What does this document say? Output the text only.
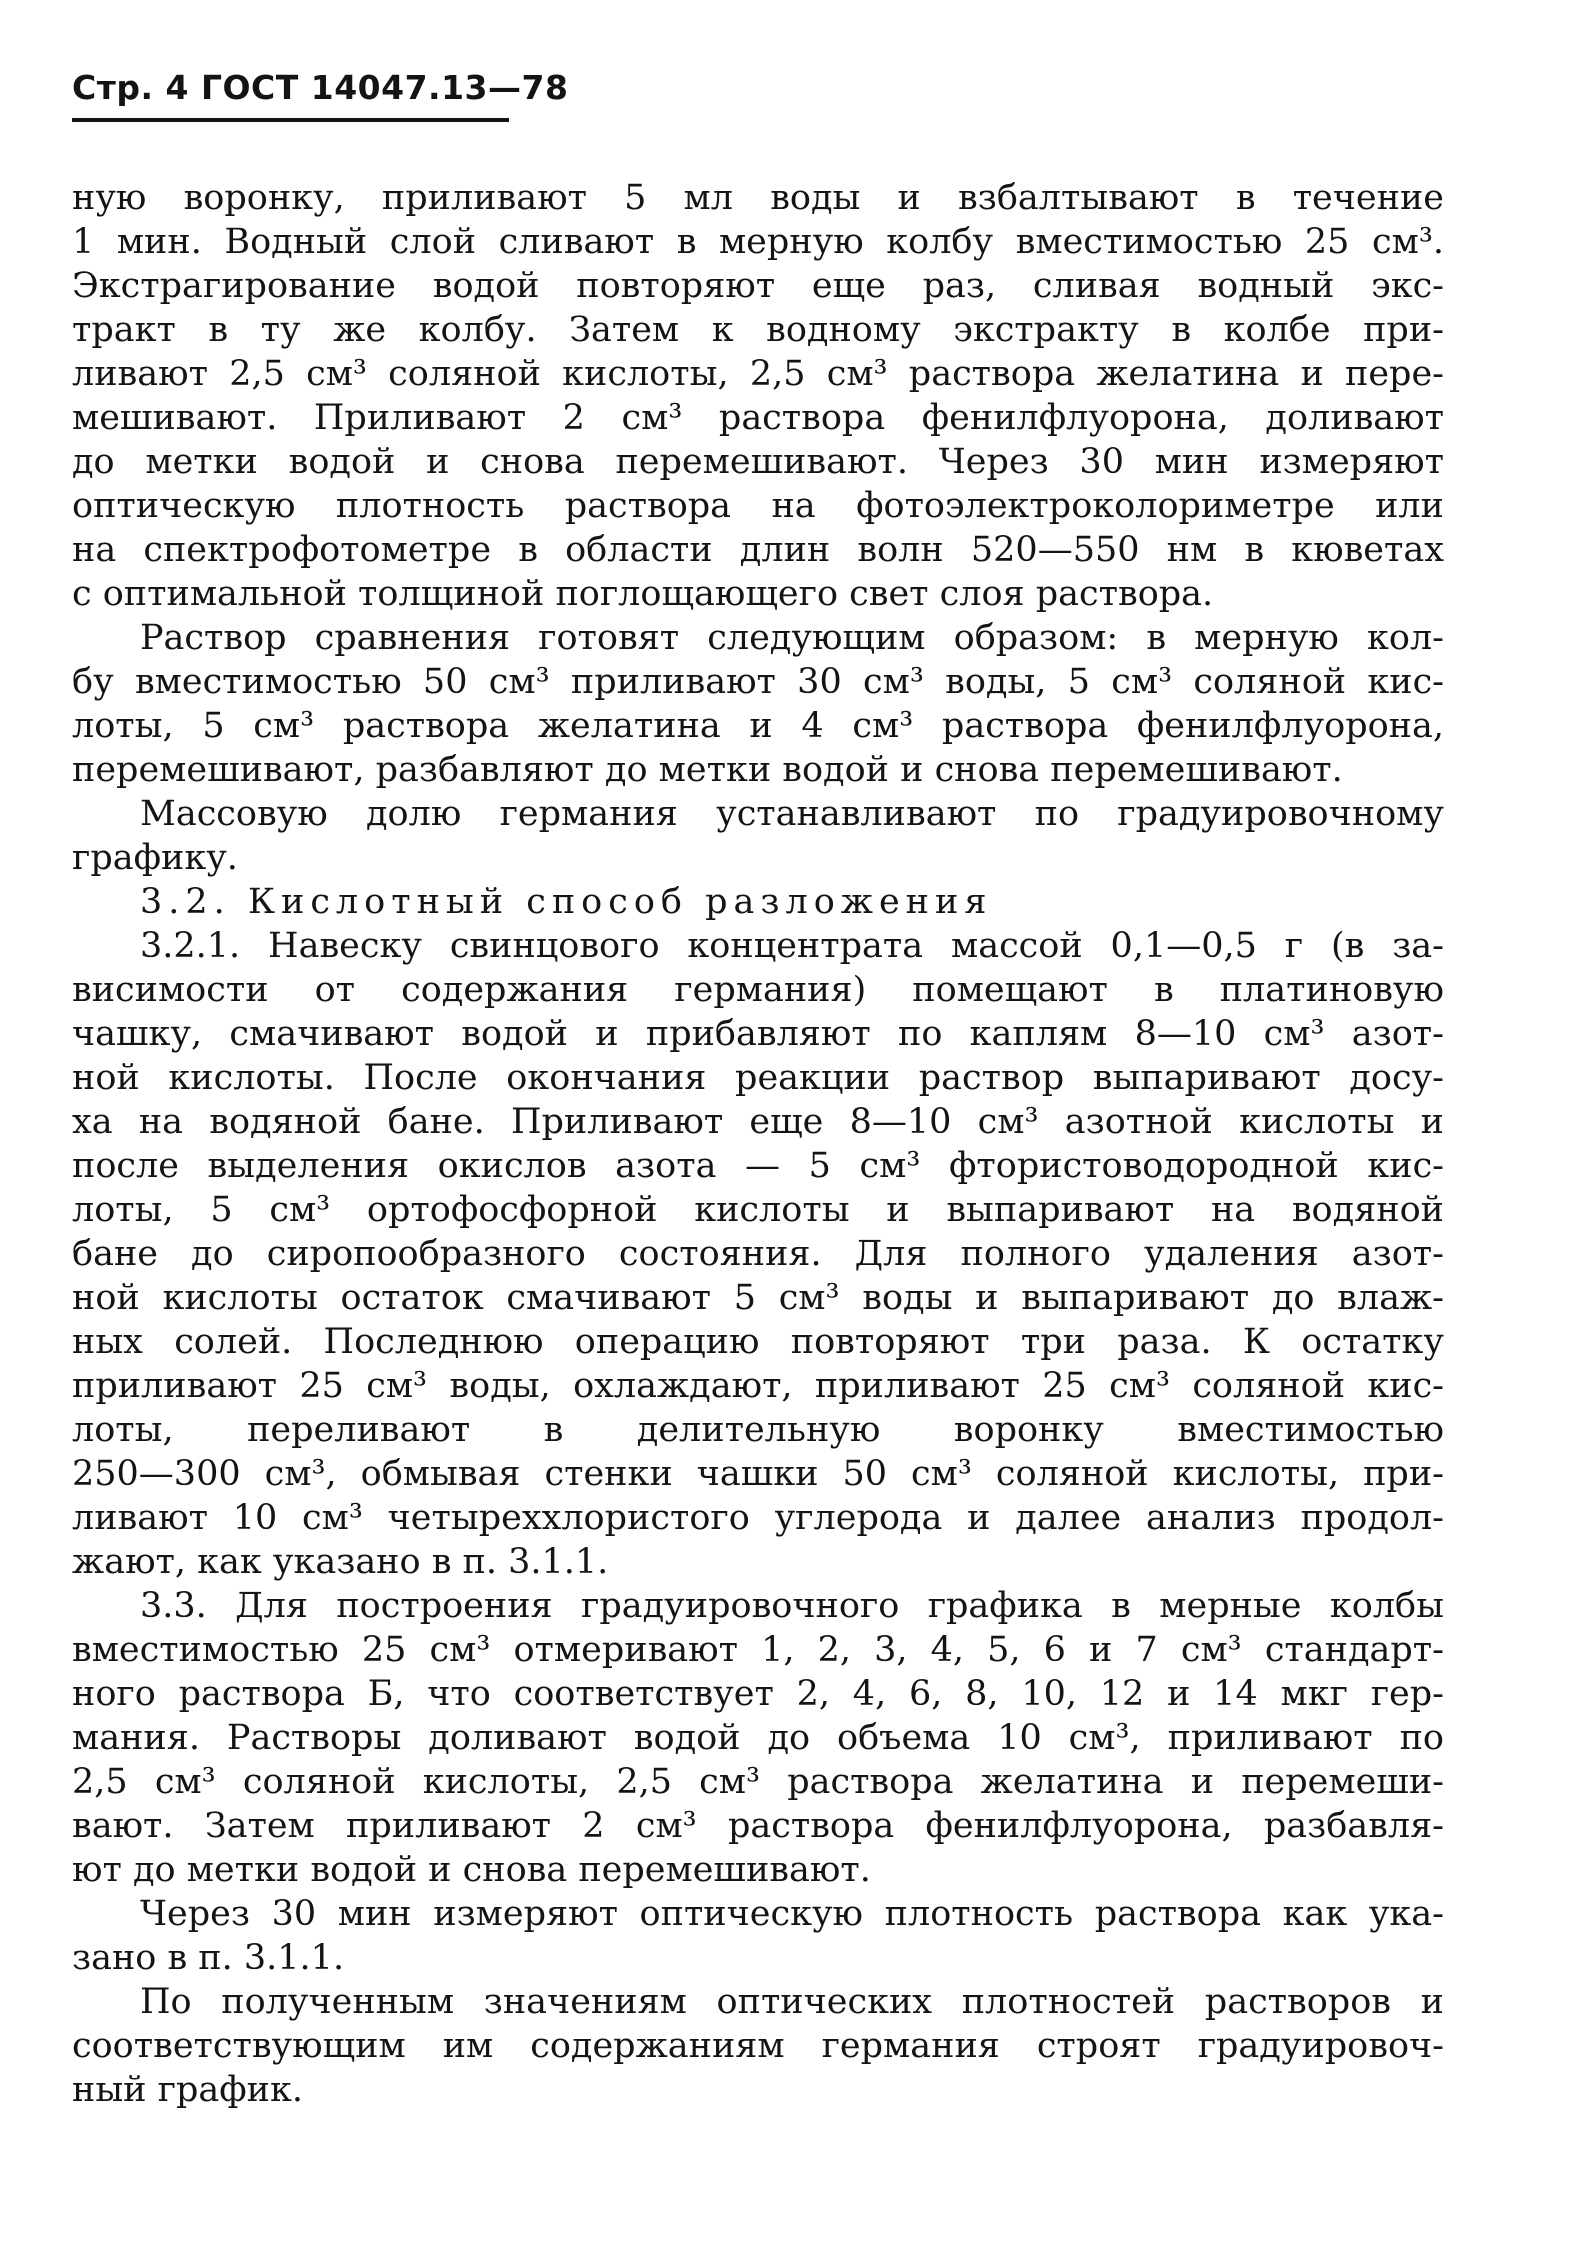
Стр. 4 ГОСТ 14047.13—78
ную воронку, приливают 5 мл воды и взбалтывают в течение
1 мин. Водный слой сливают в мерную колбу вместимостью 25 см³.
Экстрагирование водой повторяют еще раз, сливая водный экс-
тракт в ту же колбу. Затем к водному экстракту в колбе при-
ливают 2,5 см³ соляной кислоты, 2,5 см³ раствора желатина и пере-
мешивают. Приливают 2 см³ раствора фенилфлуорона, доливают
до метки водой и снова перемешивают. Через 30 мин измеряют
оптическую плотность раствора на фотоэлектроколориметре или
на спектрофотометре в области длин волн 520—550 нм в кюветах
с оптимальной толщиной поглощающего свет слоя раствора.
Раствор сравнения готовят следующим образом: в мерную кол-
бу вместимостью 50 см³ приливают 30 см³ воды, 5 см³ соляной кис-
лоты, 5 см³ раствора желатина и 4 см³ раствора фенилфлуорона,
перемешивают, разбавляют до метки водой и снова перемешивают.
Массовую долю германия устанавливают по градуировочному
графику.
3.2. Кислотный способ разложения
3.2.1. Навеску свинцового концентрата массой 0,1—0,5 г (в за-
висимости от содержания германия) помещают в платиновую
чашку, смачивают водой и прибавляют по каплям 8—10 см³ азот-
ной кислоты. После окончания реакции раствор выпаривают досу-
ха на водяной бане. Приливают еще 8—10 см³ азотной кислоты и
после выделения окислов азота — 5 см³ фтористоводородной кис-
лоты, 5 см³ ортофосфорной кислоты и выпаривают на водяной
бане до сиропообразного состояния. Для полного удаления азот-
ной кислоты остаток смачивают 5 см³ воды и выпаривают до влаж-
ных солей. Последнюю операцию повторяют три раза. К остатку
приливают 25 см³ воды, охлаждают, приливают 25 см³ соляной кис-
лоты, переливают в делительную воронку вместимостью
250—300 см³, обмывая стенки чашки 50 см³ соляной кислоты, при-
ливают 10 см³ четыреххлористого углерода и далее анализ продол-
жают, как указано в п. 3.1.1.
3.3. Для построения градуировочного графика в мерные колбы
вместимостью 25 см³ отмеривают 1, 2, 3, 4, 5, 6 и 7 см³ стандарт-
ного раствора Б, что соответствует 2, 4, 6, 8, 10, 12 и 14 мкг гер-
мания. Растворы доливают водой до объема 10 см³, приливают по
2,5 см³ соляной кислоты, 2,5 см³ раствора желатина и перемеши-
вают. Затем приливают 2 см³ раствора фенилфлуорона, разбавля-
ют до метки водой и снова перемешивают.
Через 30 мин измеряют оптическую плотность раствора как ука-
зано в п. 3.1.1.
По полученным значениям оптических плотностей растворов и
соответствующим им содержаниям германия строят градуировоч-
ный график.
